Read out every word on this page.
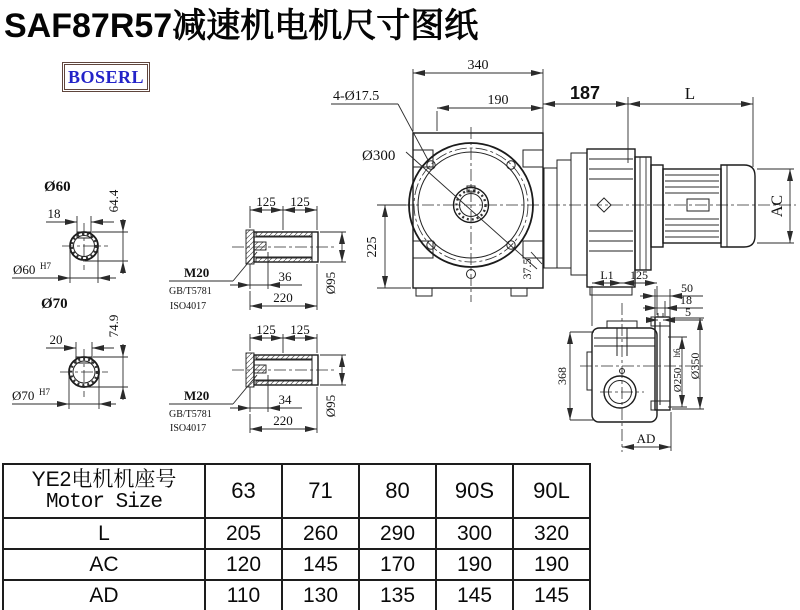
SAF87R57减速机电机尺寸图纸
BOSERL
Ø60
18
64.4
Ø60 H7
Ø70
20
74.9
Ø70 H7
125 125
M20
GB/T5781
ISO4017
36
220
Ø95
125 125
M20
GB/T5781
ISO4017
34
220
Ø95
Ø300
340
190
4-Ø17.5
225
37.5
187	L
AC
L1 125
50
18
5
368	Ø250
h6 Ø350
AD
YE2电机机座号
Motor Size	63	71	80	90S	90L
L	205	260	290	300	320
AC	120	145	170	190	190
AD	110	130	135	145	145
